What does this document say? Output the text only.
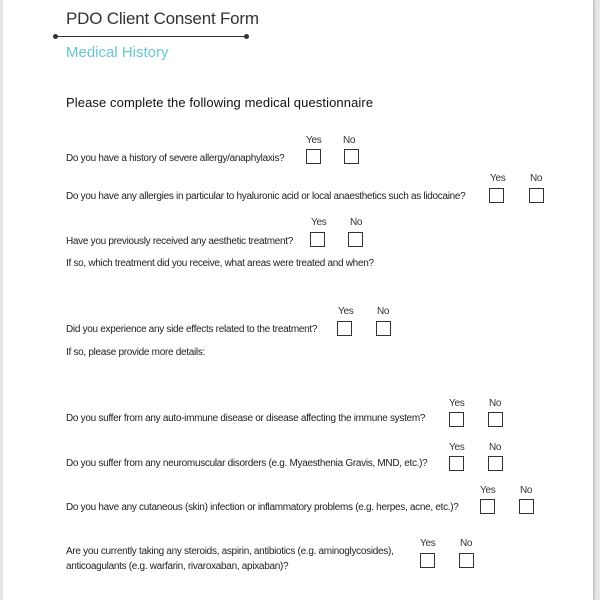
PDO Client Consent Form
Medical History
Please complete the following medical questionnaire
Do you have a history of severe allergy/anaphylaxis?
Yes No
Do you have any allergies in particular to hyaluronic acid or local anaesthetics such as lidocaine?
Yes No
Have you previously received any aesthetic treatment?
If so, which treatment did you receive, what areas were treated and when?
Yes No
Did you experience any side effects related to the treatment?
If so, please provide more details:
Yes No
Do you suffer from any auto-immune disease or disease affecting the immune system?
Yes No
Do you suffer from any neuromuscular disorders (e.g. Myaesthenia Gravis, MND, etc.)?
Yes No
Do you have any cutaneous (skin) infection or inflammatory problems (e.g. herpes, acne, etc.)?
Yes No
Are you currently taking any steroids, aspirin, antibiotics (e.g. aminoglycosides),
anticoagulants (e.g. warfarin, rivaroxaban, apixaban)?
Yes No
